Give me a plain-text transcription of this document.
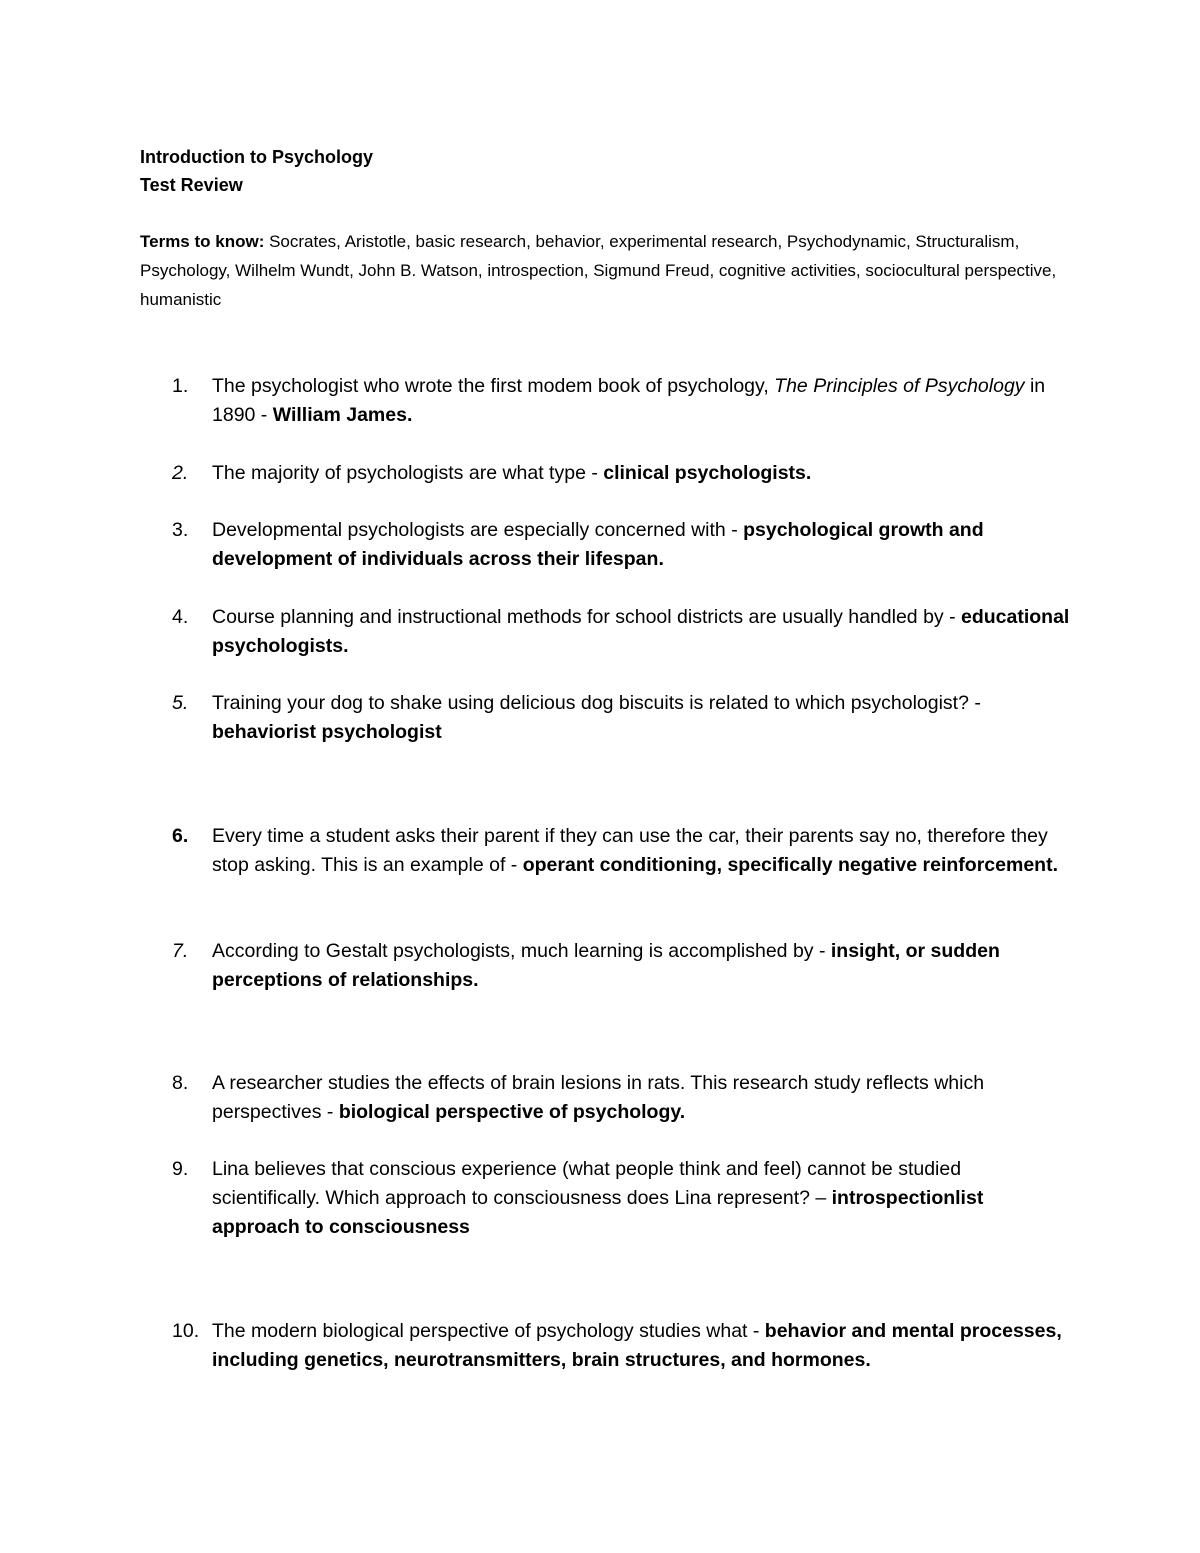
Introduction to Psychology
Test Review
Terms to know: Socrates, Aristotle, basic research, behavior, experimental research, Psychodynamic, Structuralism, Psychology, Wilhelm Wundt, John B. Watson, introspection, Sigmund Freud, cognitive activities, sociocultural perspective, humanistic
1.	The psychologist who wrote the first modem book of psychology, The Principles of Psychology in 1890 - William James.
2.	The majority of psychologists are what type - clinical psychologists.
3.	Developmental psychologists are especially concerned with - psychological growth and development of individuals across their lifespan.
4.	Course planning and instructional methods for school districts are usually handled by - educational psychologists.
5.	Training your dog to shake using delicious dog biscuits is related to which psychologist? - behaviorist psychologist
6.	Every time a student asks their parent if they can use the car, their parents say no, therefore they stop asking. This is an example of - operant conditioning, specifically negative reinforcement.
7.	According to Gestalt psychologists, much learning is accomplished by - insight, or sudden perceptions of relationships.
8.	A researcher studies the effects of brain lesions in rats. This research study reflects which perspectives - biological perspective of psychology.
9.	Lina believes that conscious experience (what people think and feel) cannot be studied scientifically. Which approach to consciousness does Lina represent? – introspectionlist approach to consciousness
10. The modern biological perspective of psychology studies what - behavior and mental processes, including genetics, neurotransmitters, brain structures, and hormones.
